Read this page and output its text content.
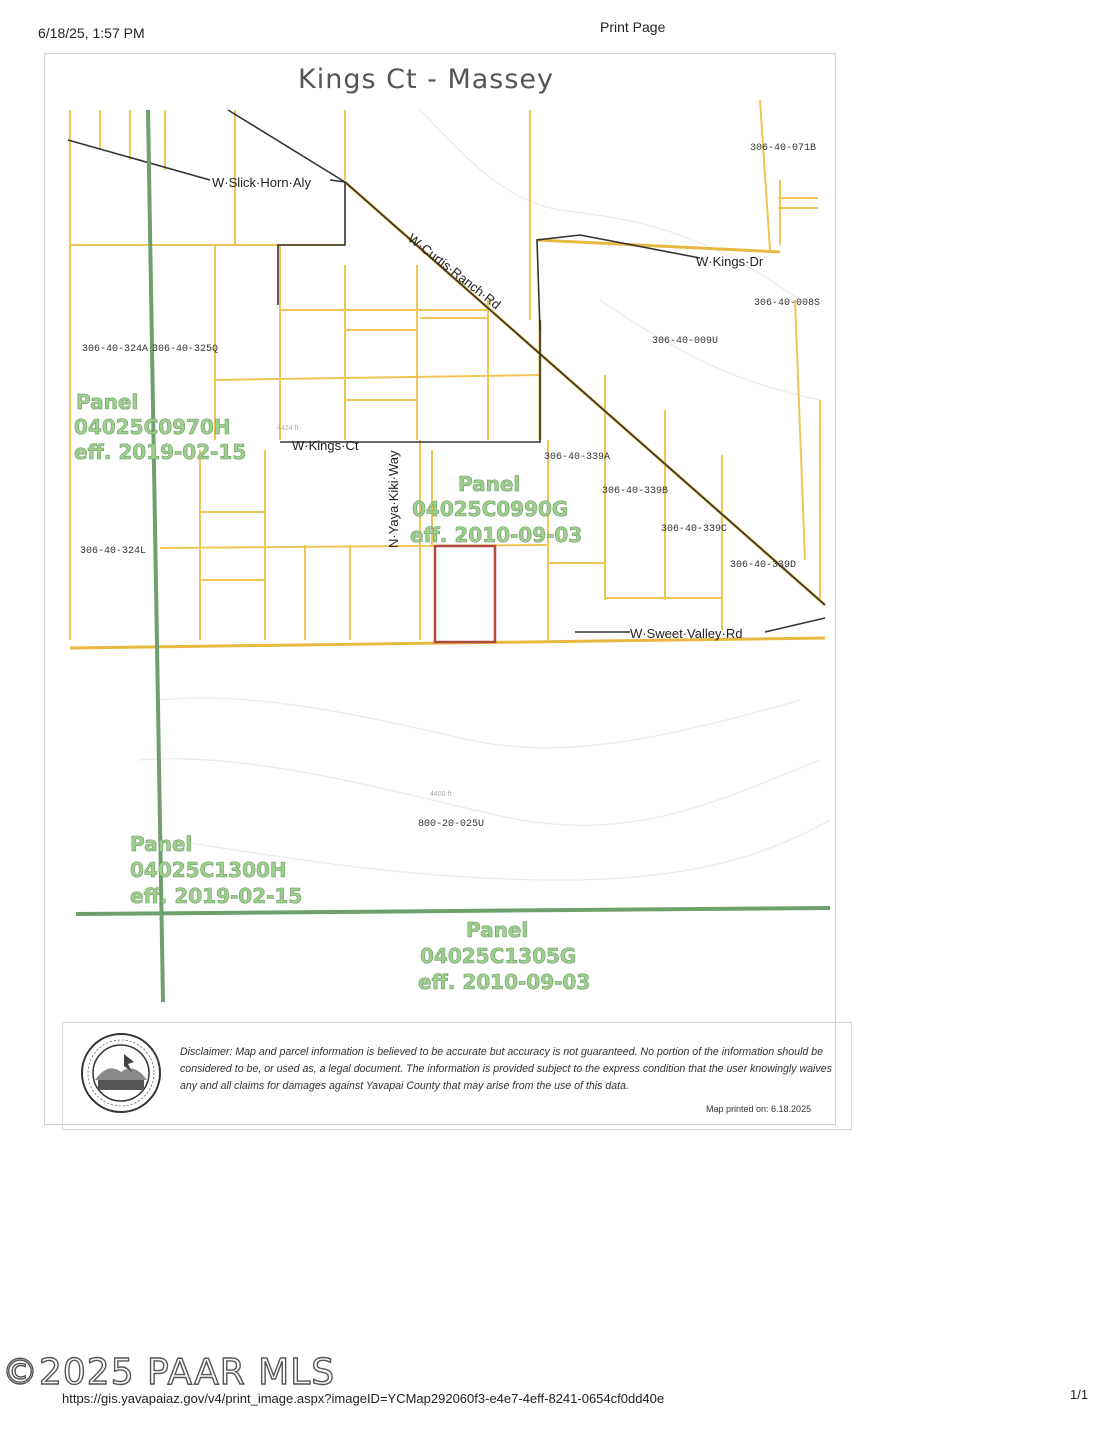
6/18/25, 1:57 PM	Print Page
Kings Ct - Massey
W·Slick·Horn·Aly
W·Curtis·Ranch·Rd	W·Kings·Dr
W·Kings·Ct
N·Yaya·Kiki·Way
W·Sweet·Valley·Rd
306-40-071B
306-40-008S
306-40-009U
306-40-324A 306-40-325Q
306-40-339A
306-40-339B
306-40-339C
306-40-339D
306-40-324L
800-20-025U
4424 ft
4400 ft
Panel
04025C0970H
eff. 2019-02-15
Panel
04025C0990G
eff. 2010-09-03
Panel
04025C1300H
eff. 2019-02-15
Panel
04025C1305G
eff. 2010-09-03
Disclaimer: Map and parcel information is believed to be accurate but accuracy is not guaranteed. No portion of the information should be considered to be, or used as, a legal document. The information is provided subject to the express condition that the user knowingly waives any and all claims for damages against Yavapai County that may arise from the use of this data.
Map printed on: 6.18.2025
©2025 PAAR MLS
https://gis.yavapaiaz.gov/v4/print_image.aspx?imageID=YCMap292060f3-e4e7-4eff-8241-0654cf0dd40e	1/1
